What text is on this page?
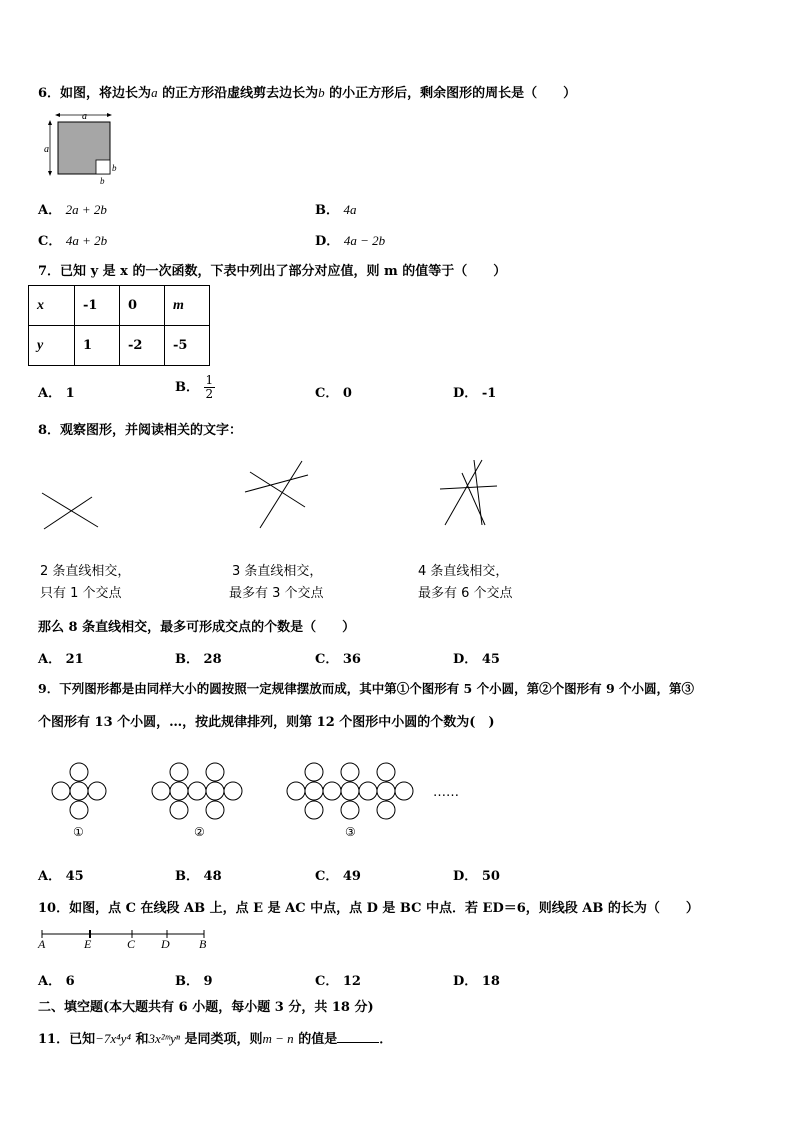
6．如图，将边长为a 的正方形沿虚线剪去边长为b 的小正方形后，剩余图形的周长是（　　）
a
a
b
b
A． 2a + 2b	B． 4a
C． 4a + 2b	D． 4a − 2b
7．已知 y 是 x 的一次函数，下表中列出了部分对应值，则 m 的值等于（　　）
x	-1	0	m
y	1	-2	-5
A． 1	B． $\frac{1}{2}$	C． 0	D． -1
8．观察图形，并阅读相关的文字：
2 条直线相交，
只有 1 个交点
3 条直线相交，
最多有 3 个交点
4 条直线相交，
最多有 6 个交点
那么 8 条直线相交，最多可形成交点的个数是（　　）
A． 21	B． 28	C． 36	D． 45
9．下列图形都是由同样大小的圆按照一定规律摆放而成，其中第①个图形有 5 个小圆，第②个图形有 9 个小圆，第③
个图形有 13 个小圆，…，按此规律排列，则第 12 个图形中小圆的个数为(　)
……
①	②	③
A． 45	B． 48	C． 49	D． 50
10．如图，点 C 在线段 AB 上，点 E 是 AC 中点，点 D 是 BC 中点．若 ED＝6，则线段 AB 的长为（　　）
A	E	C D B
A． 6	B． 9	C． 12	D． 18
二、填空题(本大题共有 6 小题，每小题 3 分，共 18 分)
11．已知−7x⁴y⁴ 和3x²ᵐyⁿ 是同类项，则m − n 的值是	．
